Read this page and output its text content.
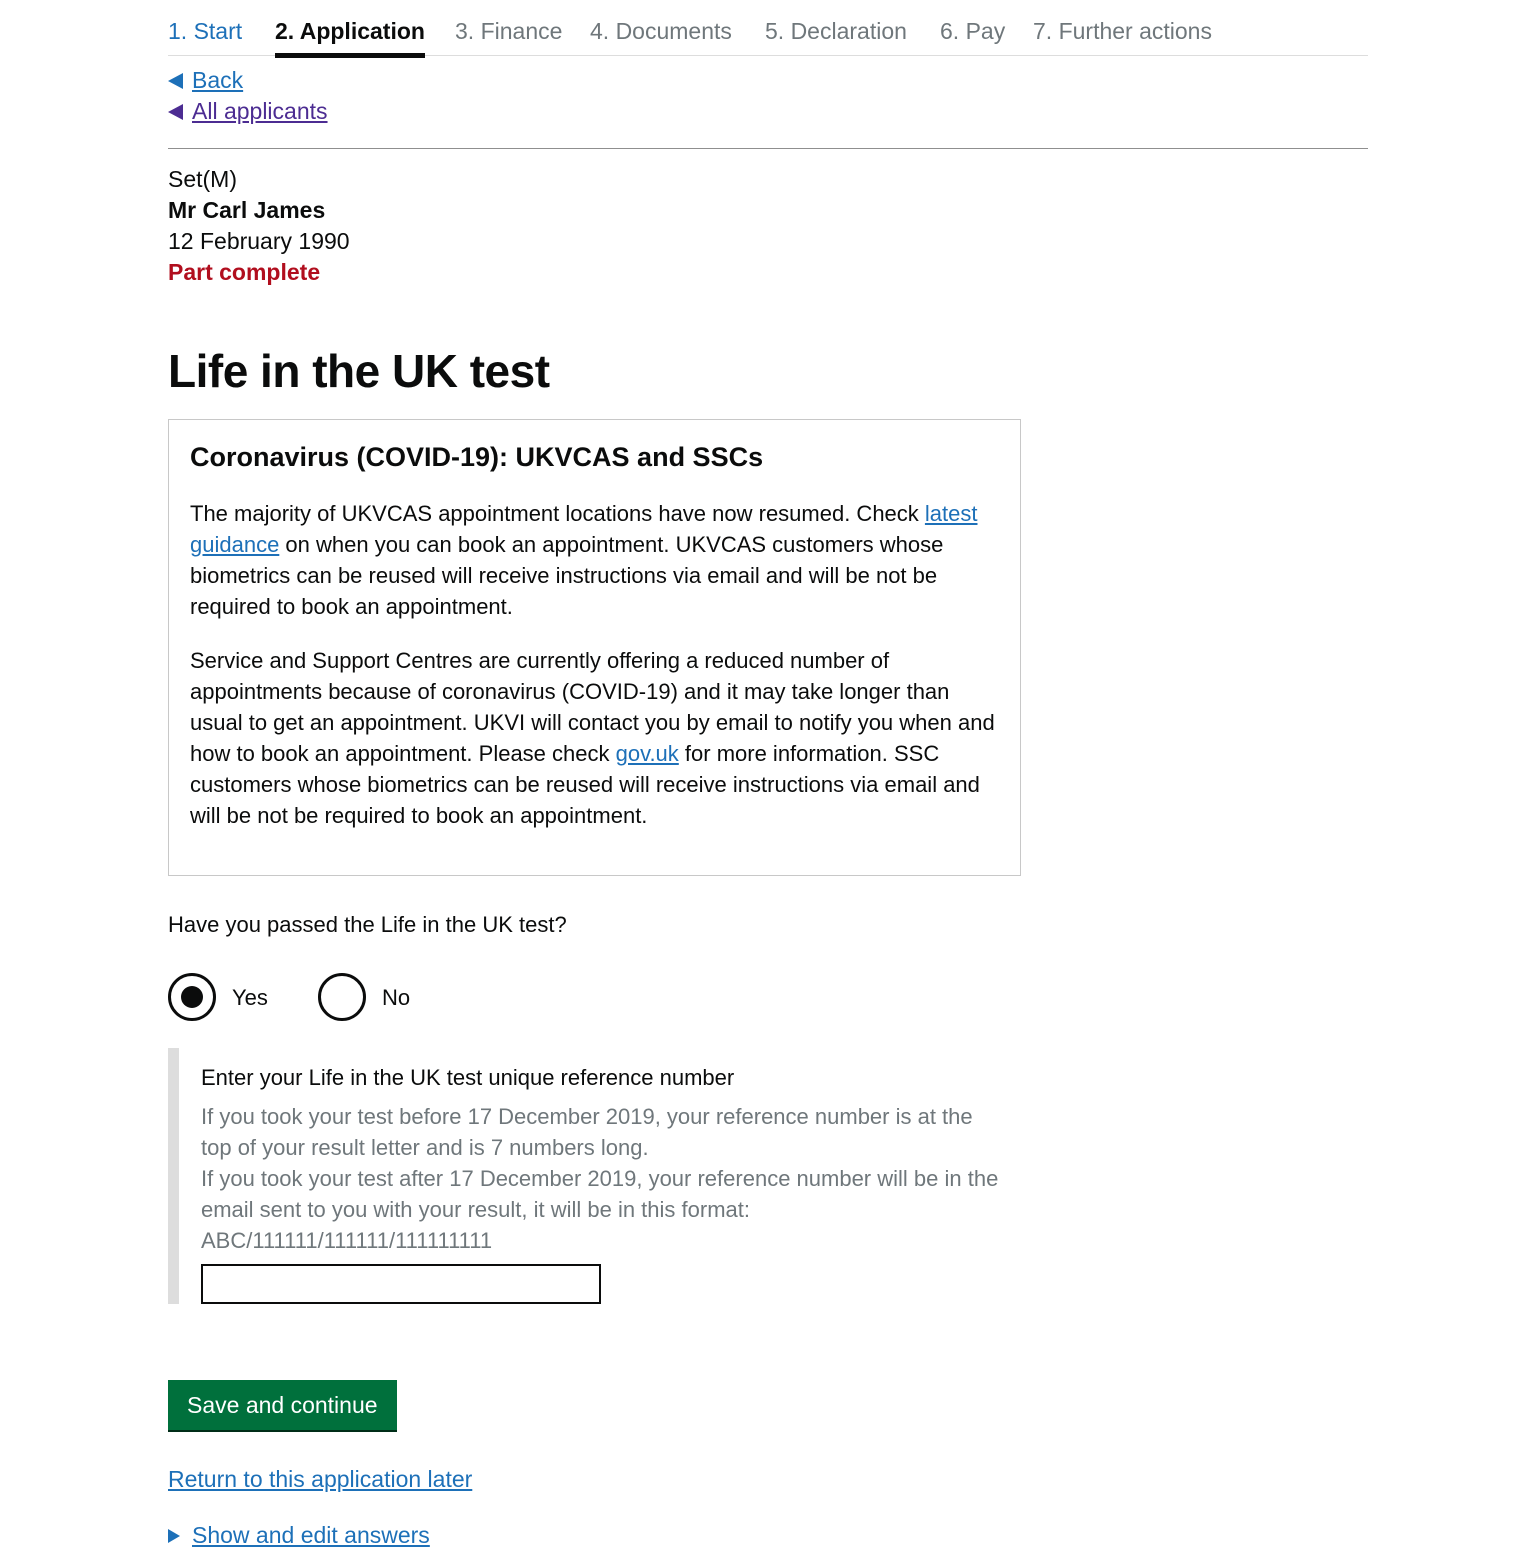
1. Start 2. Application 3. Finance 4. Documents 5. Declaration 6. Pay 7. Further actions
Back
All applicants
Set(M)
Mr Carl James
12 February 1990
Part complete
Life in the UK test
Coronavirus (COVID-19): UKVCAS and SSCs

The majority of UKVCAS appointment locations have now resumed. Check latest guidance on when you can book an appointment. UKVCAS customers whose biometrics can be reused will receive instructions via email and will be not be required to book an appointment.

Service and Support Centres are currently offering a reduced number of appointments because of coronavirus (COVID-19) and it may take longer than usual to get an appointment. UKVI will contact you by email to notify you when and how to book an appointment. Please check gov.uk for more information. SSC customers whose biometrics can be reused will receive instructions via email and will be not be required to book an appointment.

Have you passed the Life in the UK test?
Yes	No
Enter your Life in the UK test unique reference number
If you took your test before 17 December 2019, your reference number is at the top of your result letter and is 7 numbers long.
If you took your test after 17 December 2019, your reference number will be in the email sent to you with your result, it will be in this format:
ABC/111111/111111/111111111
Save and continue
Return to this application later
Show and edit answers
